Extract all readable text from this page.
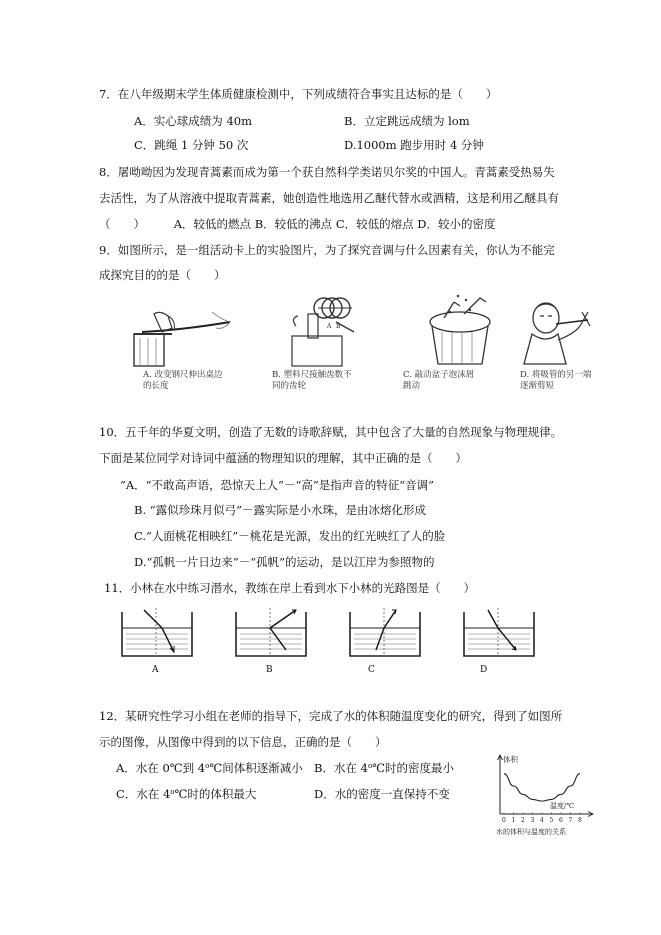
7．在八年级期末学生体质健康检测中，下列成绩符合事实且达标的是（　　）
A．实心球成绩为 40m	B．立定跳远成绩为 lom
C．跳绳 1 分钟 50 次	D.1000m 跑步用时 4 分钟
8．屠呦呦因为发现青蒿素而成为第一个获自然科学类诺贝尔奖的中国人。青蒿素受热易失
去活性，为了从溶液中提取青蒿素，她创造性地选用乙醚代替水或酒精，这是利用乙醚具有
（　　）　　　A．较低的燃点 B．较低的沸点 C．较低的熔点 D．较小的密度
9．如图所示，是一组活动卡上的实验图片，为了探究音调与什么因素有关，你认为不能完
成探究目的的是（　　）
A. 改变钢尺伸出桌边
的长度
A B
B. 塑料尺接触齿数不
同的齿轮
C. 敲动盆子泡沫屑
跳动
D. 将吸管的另一端
逐渐剪短
10．五千年的华夏文明，创造了无数的诗歌辞赋，其中包含了大量的自然现象与物理规律。
下面是某位同学对诗词中蕴涵的物理知识的理解，其中正确的是（　　）
”A．“不敢高声语，恐惊天上人”－“高”是指声音的特征“音调”
B. “露似珍珠月似弓”－露实际是小水珠，是由冰熔化形成
C.“人面桃花相映红”－桃花是光源，发出的红光映红了人的脸
D.“孤帆一片日边来”－“孤帆”的运动，是以江岸为参照物的
11．小林在水中练习潜水，教练在岸上看到水下小林的光路图是（　　）
A	B	C	D
12．某研究性学习小组在老师的指导下，完成了水的体积随温度变化的研究，得到了如图所
示的图像，从图像中得到的以下信息，正确的是（　　）
A．水在 0℃到 4$^o$℃间体积逐渐减小 B．水在 4$^o$℃时的密度最小
C．水在 4$^o$℃时的体积最大	D．水的密度一直保持不变
体积
温度/℃
0 1 2 3 4 5 6 7 8
水的体积与温度的关系
